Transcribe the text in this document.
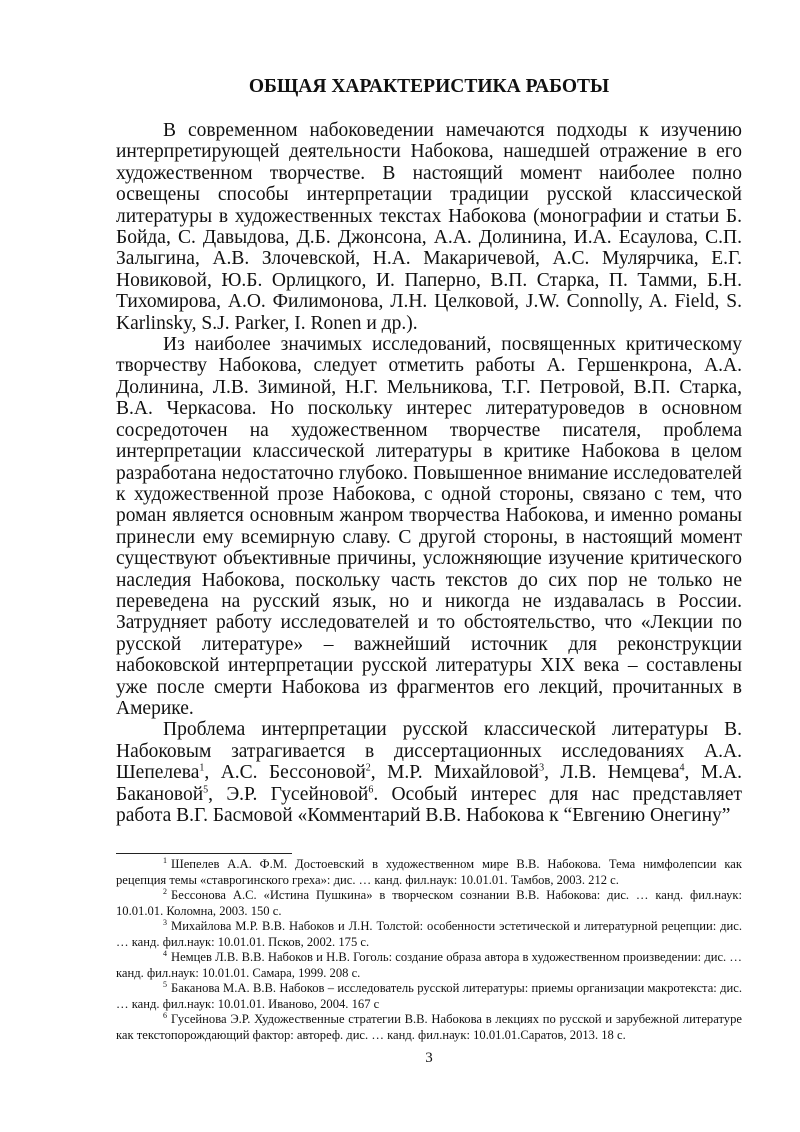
ОБЩАЯ ХАРАКТЕРИСТИКА РАБОТЫ

В современном набоковедении намечаются подходы к изучению интерпретирующей деятельности Набокова, нашедшей отражение в его художественном творчестве. В настоящий момент наиболее полно освещены способы интерпретации традиции русской классической литературы в художественных текстах Набокова (монографии и статьи Б. Бойда, С. Давыдова, Д.Б. Джонсона, А.А. Долинина, И.А. Есаулова, С.П. Залыгина, А.В. Злочевской, Н.А. Макаричевой, А.С. Мулярчика, Е.Г. Новиковой, Ю.Б. Орлицкого, И. Паперно, В.П. Старка, П. Тамми, Б.Н. Тихомирова, А.О. Филимонова, Л.Н. Целковой, J.W. Connolly, A. Field, S. Karlinsky, S.J. Parker, I. Ronen и др.).

Из наиболее значимых исследований, посвященных критическому творчеству Набокова, следует отметить работы А. Гершенкрона, А.А. Долинина, Л.В. Зиминой, Н.Г. Мельникова, Т.Г. Петровой, В.П. Старка, В.А. Черкасова. Но поскольку интерес литературоведов в основном сосредоточен на художественном творчестве писателя, проблема интерпретации классической литературы в критике Набокова в целом разработана недостаточно глубоко. Повышенное внимание исследователей к художественной прозе Набокова, с одной стороны, связано с тем, что роман является основным жанром творчества Набокова, и именно романы принесли ему всемирную славу. С другой стороны, в настоящий момент существуют объективные причины, усложняющие изучение критического наследия Набокова, поскольку часть текстов до сих пор не только не переведена на русский язык, но и никогда не издавалась в России. Затрудняет работу исследователей и то обстоятельство, что «Лекции по русской литературе» – важнейший источник для реконструкции набоковской интерпретации русской литературы XIX века – составлены уже после смерти Набокова из фрагментов его лекций, прочитанных в Америке.

Проблема интерпретации русской классической литературы В. Набоковым затрагивается в диссертационных исследованиях А.А. Шепелева$^1$, А.С. Бессоновой$^2$, М.Р. Михайловой$^3$, Л.В. Немцева$^4$, М.А. Бакановой$^5$, Э.Р. Гусейновой$^6$. Особый интерес для нас представляет работа В.Г. Басмовой «Комментарий В.В. Набокова к “Евгению Онегину”

$^1$ Шепелев А.А. Ф.М. Достоевский в художественном мире В.В. Набокова. Тема нимфолепсии как рецепция темы «ставрогинского греха»: дис. … канд. фил.наук: 10.01.01. Тамбов, 2003. 212 с.

$^2$ Бессонова А.С. «Истина Пушкина» в творческом сознании В.В. Набокова: дис. … канд. фил.наук: 10.01.01. Коломна, 2003. 150 с.

$^3$ Михайлова М.Р. В.В. Набоков и Л.Н. Толстой: особенности эстетической и литературной рецепции: дис. … канд. фил.наук: 10.01.01. Псков, 2002. 175 с.

$^4$ Немцев Л.В. В.В. Набоков и Н.В. Гоголь: создание образа автора в художественном произведении: дис. … канд. фил.наук: 10.01.01. Самара, 1999. 208 с.

$^5$ Баканова М.А. В.В. Набоков – исследователь русской литературы: приемы организации макротекста: дис. … канд. фил.наук: 10.01.01. Иваново, 2004. 167 с

$^6$ Гусейнова Э.Р. Художественные стратегии В.В. Набокова в лекциях по русской и зарубежной литературе как текстопорождающий фактор: автореф. дис. … канд. фил.наук: 10.01.01.Саратов, 2013. 18 с.

3
